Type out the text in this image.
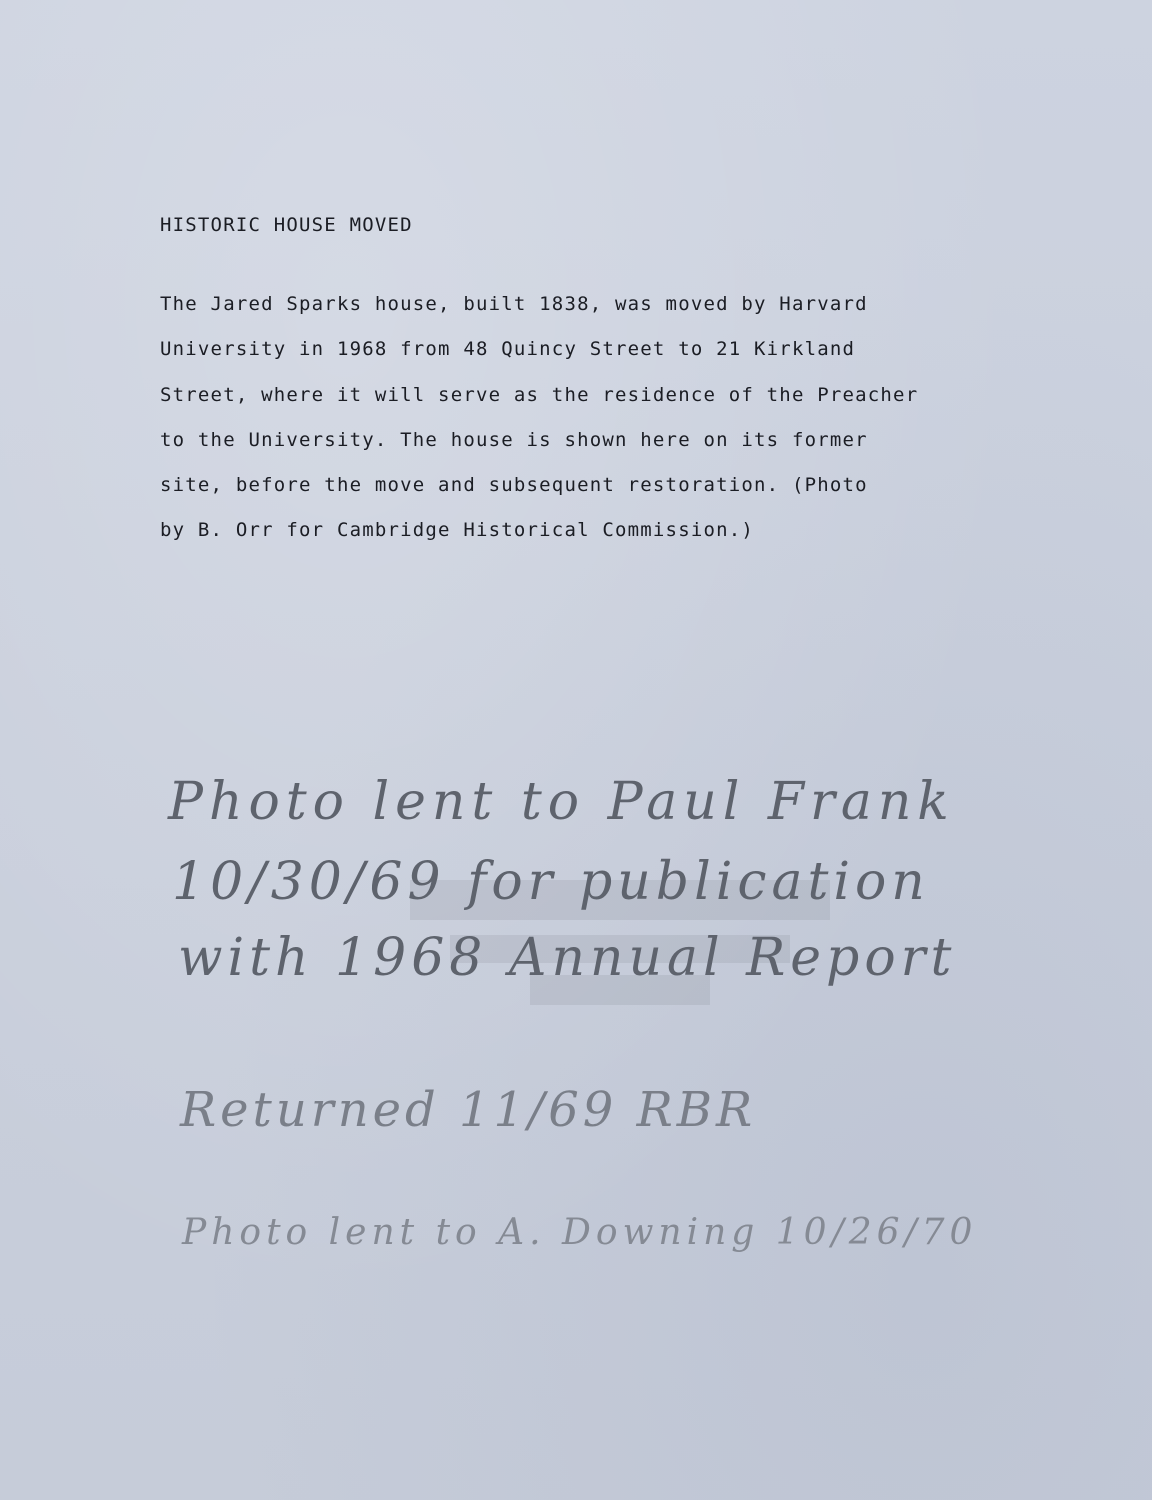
HISTORIC HOUSE MOVED
The Jared Sparks house, built 1838, was moved by Harvard
University in 1968 from 48 Quincy Street to 21 Kirkland
Street, where it will serve as the residence of the Preacher
to the University. The house is shown here on its former
site, before the move and subsequent restoration. (Photo
by B. Orr for Cambridge Historical Commission.)
Photo lent to Paul Frank
10/30/69 for publication
with 1968 Annual Report
Returned 11/69 RBR
Photo lent to A. Downing 10/26/70
